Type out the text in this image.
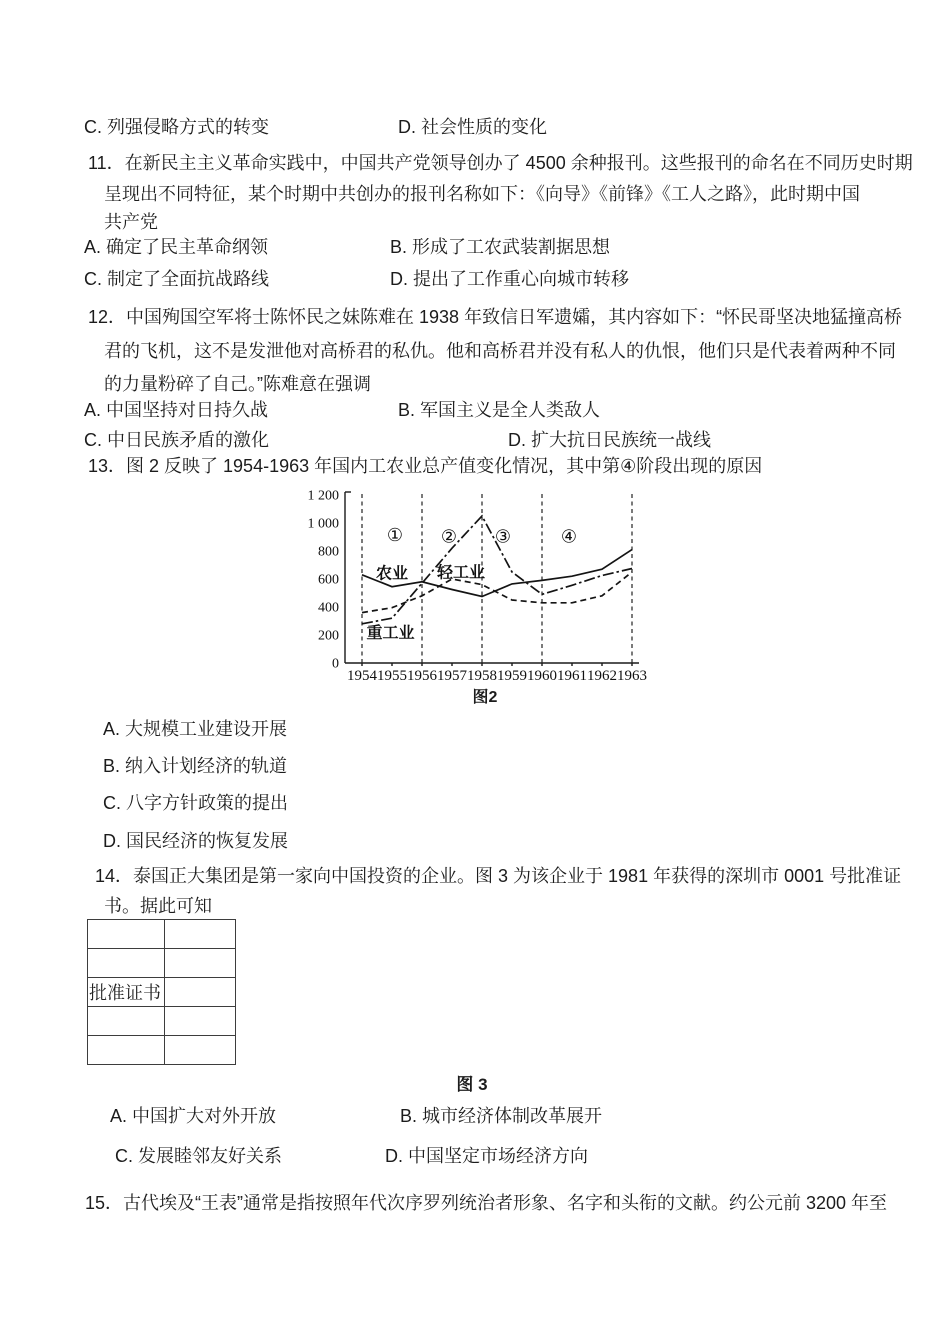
C. 列强侵略方式的转变	D. 社会性质的变化
11．在新民主主义革命实践中，中国共产党领导创办了 4500 余种报刊。这些报刊的命名在不同历史时期
呈现出不同特征，某个时期中共创办的报刊名称如下：《向导》《前锋》《工人之路》，此时期中国
共产党
A. 确定了民主革命纲领	B. 形成了工农武装割据思想
C. 制定了全面抗战路线	D. 提出了工作重心向城市转移
12．中国殉国空军将士陈怀民之妹陈难在 1938 年致信日军遗孀，其内容如下：“怀民哥坚决地猛撞高桥
君的飞机，这不是发泄他对高桥君的私仇。他和高桥君并没有私人的仇恨，他们只是代表着两种不同
的力量粉碎了自己。”陈难意在强调
A. 中国坚持对日持久战	B. 军国主义是全人类敌人
C. 中日民族矛盾的激化	D. 扩大抗日民族统一战线
13．图 2 反映了 1954-1963 年国内工农业总产值变化情况，其中第④阶段出现的原因
0
200
400
600
800
1 000
1 200
1954 1955 1956 1957 1958 1959 1960 1961 1962 1963
① ② ③	④
农业 轻工业
重工业
图2
A. 大规模工业建设开展
B. 纳入计划经济的轨道
C. 八字方针政策的提出
D. 国民经济的恢复发展
14．泰国正大集团是第一家向中国投资的企业。图 3 为该企业于 1981 年获得的深圳市 0001 号批准证
书。据此可知

批准证书	

图 3
A. 中国扩大对外开放	B. 城市经济体制改革展开
C. 发展睦邻友好关系	D. 中国坚定市场经济方向
15．古代埃及“王表”通常是指按照年代次序罗列统治者形象、名字和头衔的文献。约公元前 3200 年至
